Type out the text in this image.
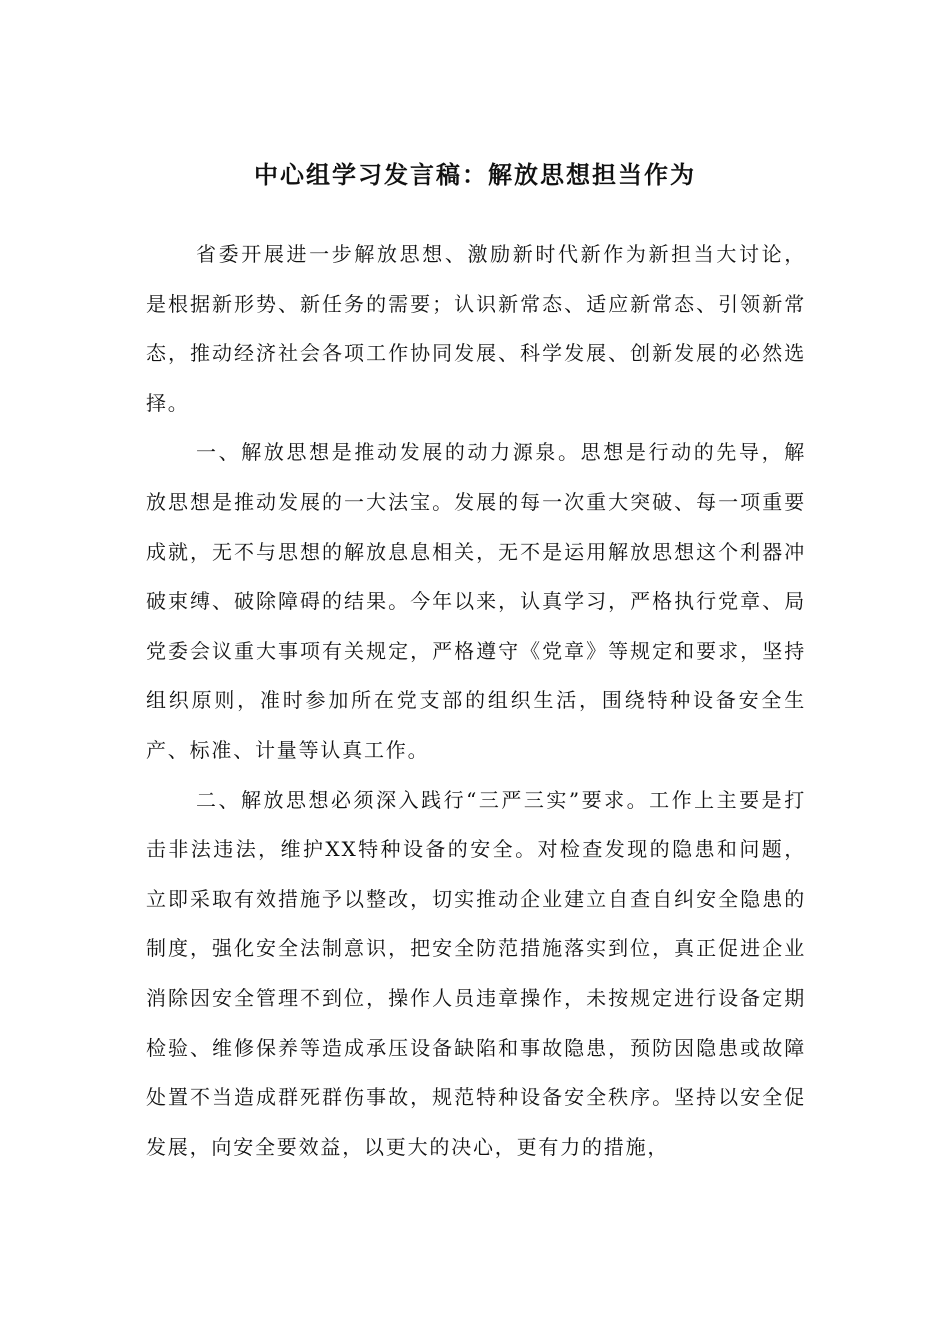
中心组学习发言稿：解放思想担当作为

省委开展进一步解放思想、激励新时代新作为新担当大讨论，是根据新形势、新任务的需要；认识新常态、适应新常态、引领新常态，推动经济社会各项工作协同发展、科学发展、创新发展的必然选择。

一、解放思想是推动发展的动力源泉。思想是行动的先导，解放思想是推动发展的一大法宝。发展的每一次重大突破、每一项重要成就，无不与思想的解放息息相关，无不是运用解放思想这个利器冲破束缚、破除障碍的结果。今年以来，认真学习，严格执行党章、局党委会议重大事项有关规定，严格遵守《党章》等规定和要求，坚持组织原则，准时参加所在党支部的组织生活，围绕特种设备安全生产、标准、计量等认真工作。

二、解放思想必须深入践行“三严三实”要求。工作上主要是打击非法违法，维护XX特种设备的安全。对检查发现的隐患和问题，立即采取有效措施予以整改，切实推动企业建立自查自纠安全隐患的制度，强化安全法制意识，把安全防范措施落实到位，真正促进企业消除因安全管理不到位，操作人员违章操作，未按规定进行设备定期检验、维修保养等造成承压设备缺陷和事故隐患，预防因隐患或故障处置不当造成群死群伤事故，规范特种设备安全秩序。坚持以安全促发展，向安全要效益，以更大的决心，更有力的措施，
